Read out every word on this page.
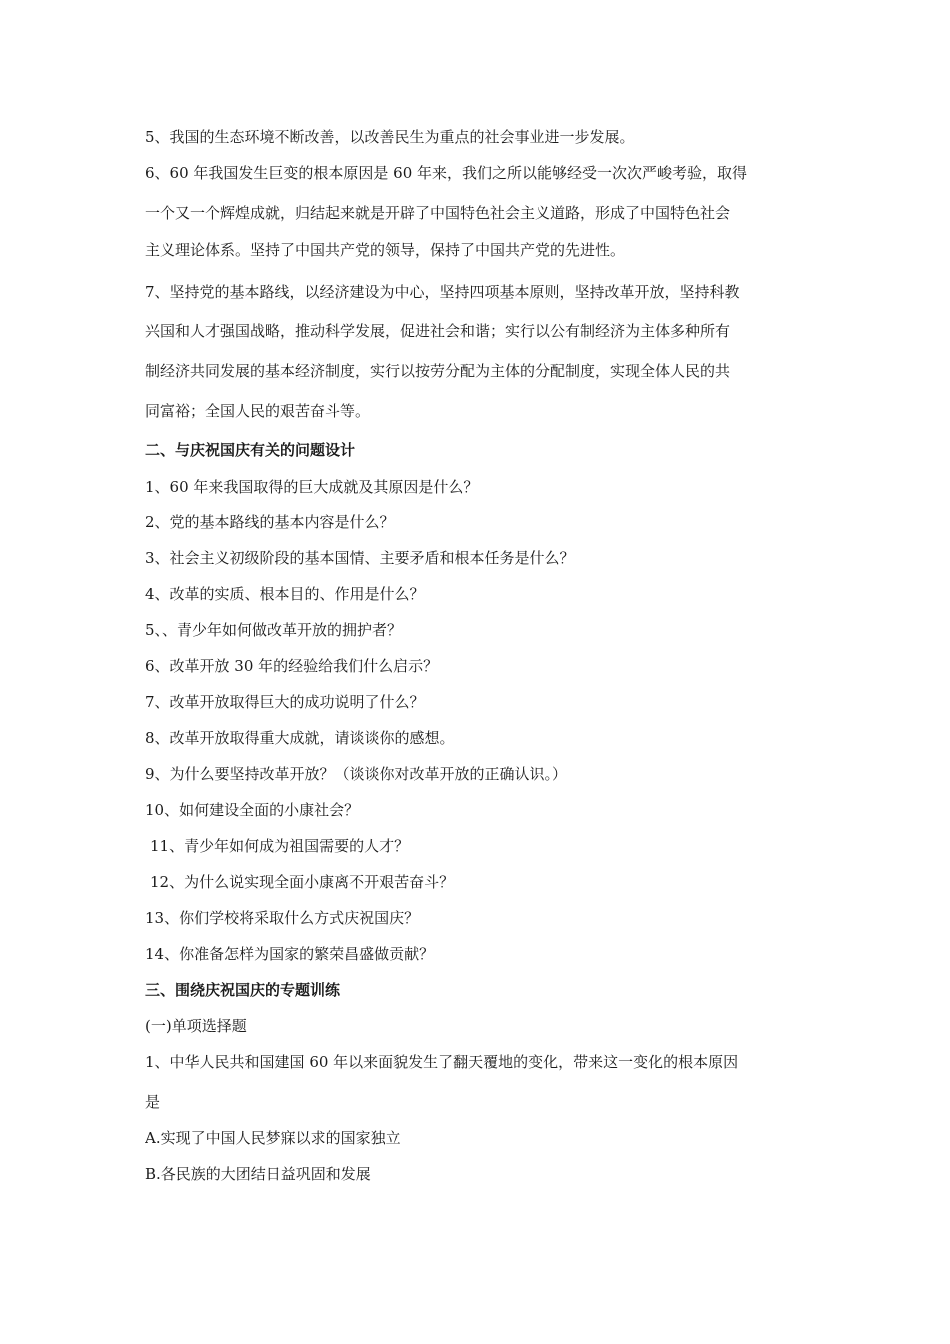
5、我国的生态环境不断改善，以改善民生为重点的社会事业进一步发展。
6、60 年我国发生巨变的根本原因是 60 年来，我们之所以能够经受一次次严峻考验，取得
一个又一个辉煌成就，归结起来就是开辟了中国特色社会主义道路，形成了中国特色社会
主义理论体系。坚持了中国共产党的领导，保持了中国共产党的先进性。
7、坚持党的基本路线，以经济建设为中心，坚持四项基本原则，坚持改革开放，坚持科教
兴国和人才强国战略，推动科学发展，促进社会和谐；实行以公有制经济为主体多种所有
制经济共同发展的基本经济制度，实行以按劳分配为主体的分配制度，实现全体人民的共
同富裕；全国人民的艰苦奋斗等。
二、与庆祝国庆有关的问题设计
1、60 年来我国取得的巨大成就及其原因是什么？
2、党的基本路线的基本内容是什么？
3、社会主义初级阶段的基本国情、主要矛盾和根本任务是什么？
4、改革的实质、根本目的、作用是什么？
5、、青少年如何做改革开放的拥护者？
6、改革开放 30 年的经验给我们什么启示？
7、改革开放取得巨大的成功说明了什么？
8、改革开放取得重大成就，请谈谈你的感想。
9、为什么要坚持改革开放？（谈谈你对改革开放的正确认识。）
10、如何建设全面的小康社会？
11、青少年如何成为祖国需要的人才？
12、为什么说实现全面小康离不开艰苦奋斗？
13、你们学校将采取什么方式庆祝国庆？
14、你准备怎样为国家的繁荣昌盛做贡献？
三、围绕庆祝国庆的专题训练
(一)单项选择题
1、中华人民共和国建国 60 年以来面貌发生了翻天覆地的变化，带来这一变化的根本原因
是
A.实现了中国人民梦寐以求的国家独立
B.各民族的大团结日益巩固和发展
